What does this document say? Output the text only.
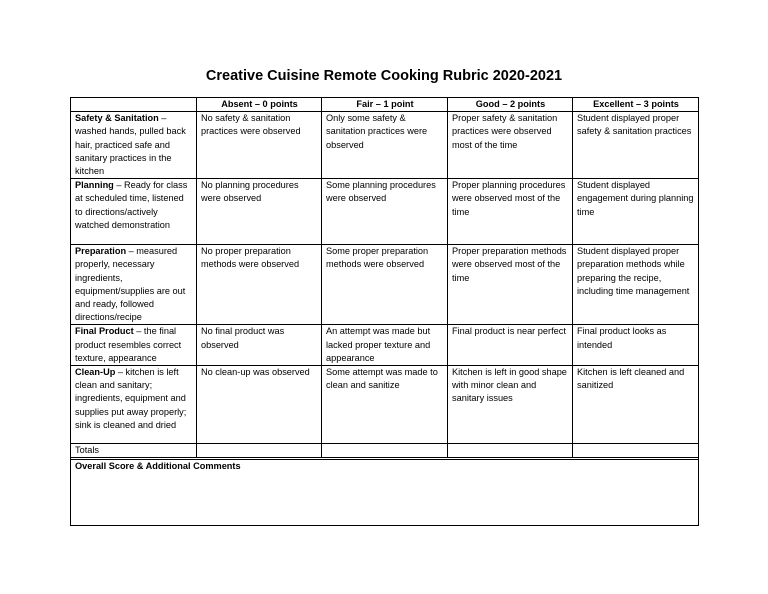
Creative Cuisine Remote Cooking Rubric 2020-2021
	Absent – 0 points	Fair – 1 point	Good – 2 points	Excellent – 3 points
Safety & Sanitation – washed hands, pulled back hair, practiced safe and sanitary practices in the kitchen	No safety & sanitation practices were observed	Only some safety & sanitation practices were observed	Proper safety & sanitation practices were observed most of the time	Student displayed proper safety & sanitation practices
Planning – Ready for class at scheduled time, listened to directions/actively watched demonstration	No planning procedures were observed	Some planning procedures were observed	Proper planning procedures were observed most of the time	Student displayed engagement during planning time
Preparation – measured properly, necessary ingredients, equipment/supplies are out and ready, followed directions/recipe	No proper preparation methods were observed	Some proper preparation methods were observed	Proper preparation methods were observed most of the time	Student displayed proper preparation methods while preparing the recipe, including time management
Final Product – the final product resembles correct texture, appearance	No final product was observed	An attempt was made but lacked proper texture and appearance	Final product is near perfect	Final product looks as intended
Clean-Up – kitchen is left clean and sanitary; ingredients, equipment and supplies put away properly; sink is cleaned and dried	No clean-up was observed	Some attempt was made to clean and sanitize	Kitchen is left in good shape with minor clean and sanitary issues	Kitchen is left cleaned and sanitized
Totals				

Overall Score & Additional Comments				
